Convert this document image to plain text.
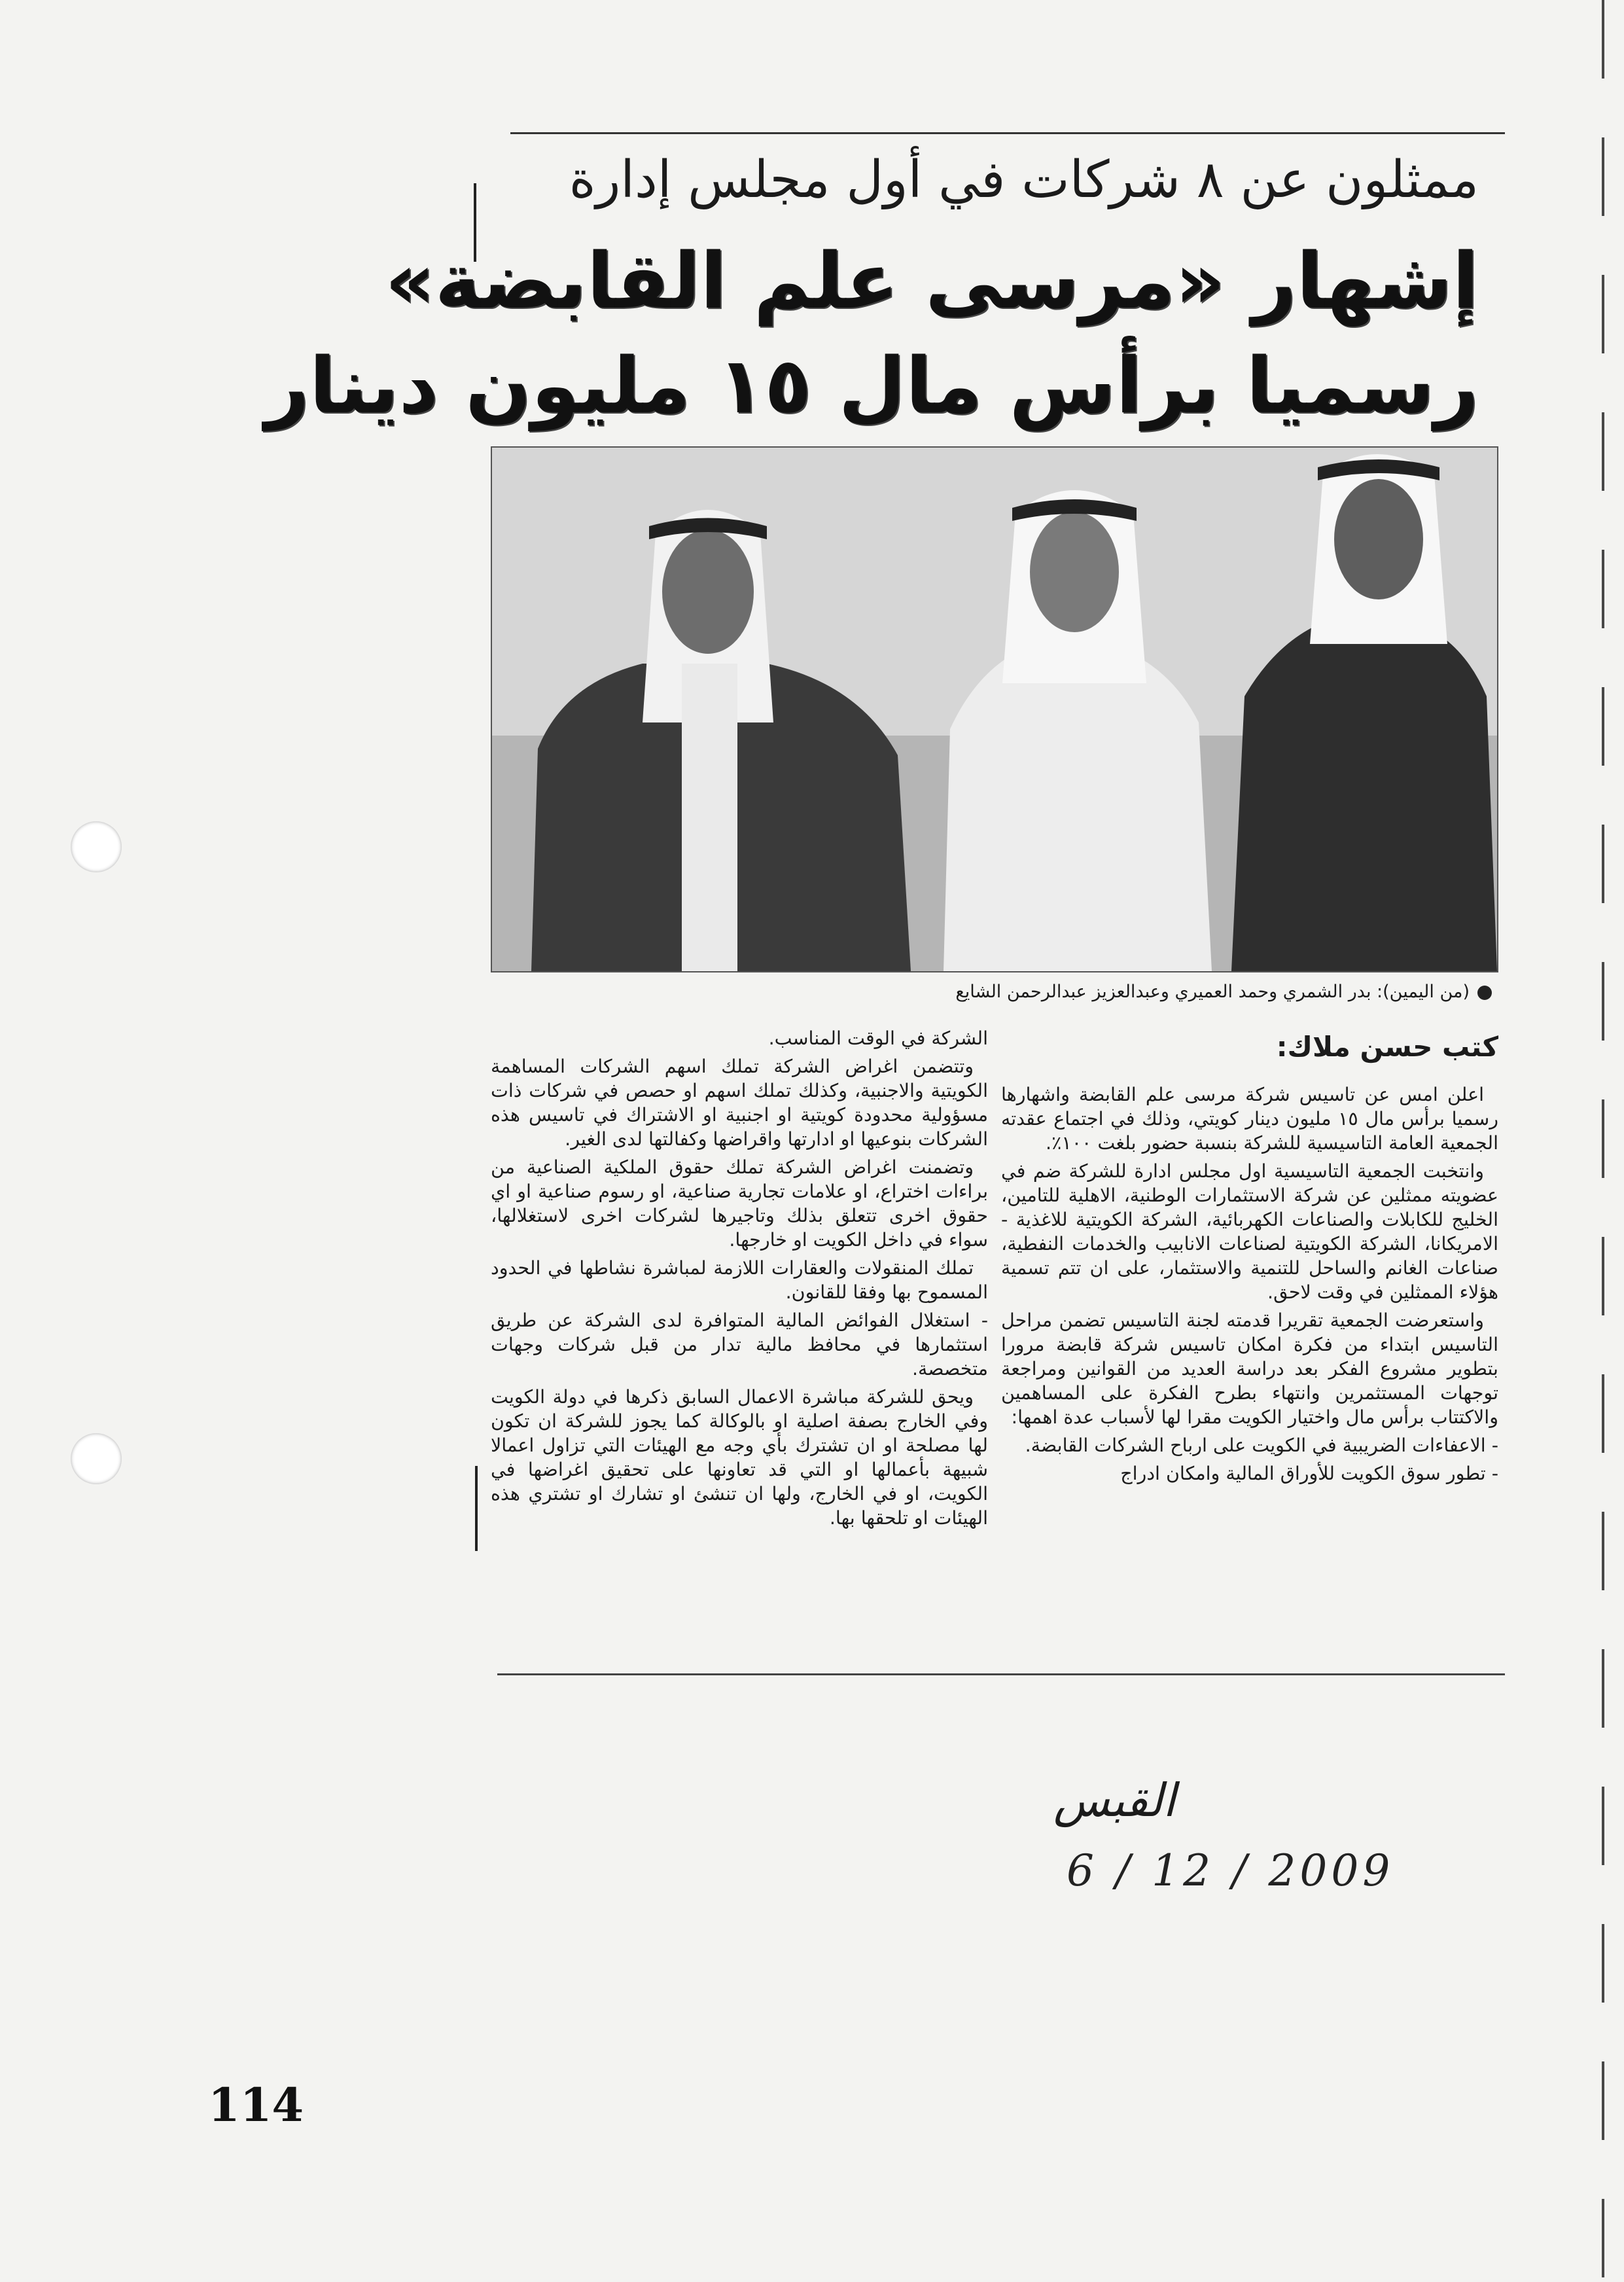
ممثلون عن ٨ شركات في أول مجلس إدارة
إشهار «مرسى علم القابضة»
رسميا برأس مال ١٥ مليون دينار
(من اليمين): بدر الشمري وحمد العميري وعبدالعزيز عبدالرحمن الشايع
كتب حسن ملاك:

اعلن امس عن تاسيس شركة مرسى علم القابضة واشهارها رسميا برأس مال ١٥ مليون دينار كويتي، وذلك في اجتماع عقدته الجمعية العامة التاسيسية للشركة بنسبة حضور بلغت ١٠٠٪.

وانتخبت الجمعية التاسيسية اول مجلس ادارة للشركة ضم في عضويته ممثلين عن شركة الاستثمارات الوطنية، الاهلية للتامين، الخليج للكابلات والصناعات الكهربائية، الشركة الكويتية للاغذية - الامريكانا، الشركة الكويتية لصناعات الانابيب والخدمات النفطية، صناعات الغانم والساحل للتنمية والاستثمار، على ان تتم تسمية هؤلاء الممثلين في وقت لاحق.

واستعرضت الجمعية تقريرا قدمته لجنة التاسيس تضمن مراحل التاسيس ابتداء من فكرة امكان تاسيس شركة قابضة مرورا بتطوير مشروع الفكر بعد دراسة العديد من القوانين ومراجعة توجهات المستثمرين وانتهاء بطرح الفكرة على المساهمين والاكتتاب برأس مال واختيار الكويت مقرا لها لأسباب عدة اهمها:

- الاعفاءات الضريبية في الكويت على ارباح الشركات القابضة.

- تطور سوق الكويت للأوراق المالية وامكان ادراج

الشركة في الوقت المناسب.

وتتضمن اغراض الشركة تملك اسهم الشركات المساهمة الكويتية والاجنبية، وكذلك تملك اسهم او حصص في شركات ذات مسؤولية محدودة كويتية او اجنبية او الاشتراك في تاسيس هذه الشركات بنوعيها او ادارتها واقراضها وكفالتها لدى الغير.

وتضمنت اغراض الشركة تملك حقوق الملكية الصناعية من براءات اختراع، او علامات تجارية صناعية، او رسوم صناعية او اي حقوق اخرى تتعلق بذلك وتاجيرها لشركات اخرى لاستغلالها، سواء في داخل الكويت او خارجها.

تملك المنقولات والعقارات اللازمة لمباشرة نشاطها في الحدود المسموح بها وفقا للقانون.

- استغلال الفوائض المالية المتوافرة لدى الشركة عن طريق استثمارها في محافظ مالية تدار من قبل شركات وجهات متخصصة.

ويحق للشركة مباشرة الاعمال السابق ذكرها في دولة الكويت وفي الخارج بصفة اصلية او بالوكالة كما يجوز للشركة ان تكون لها مصلحة او ان تشترك بأي وجه مع الهيئات التي تزاول اعمالا شبيهة بأعمالها او التي قد تعاونها على تحقيق اغراضها في الكويت، او في الخارج، ولها ان تنشئ او تشارك او تشتري هذه الهيئات او تلحقها بها.

القبس
6 / 12 / 2009
114
